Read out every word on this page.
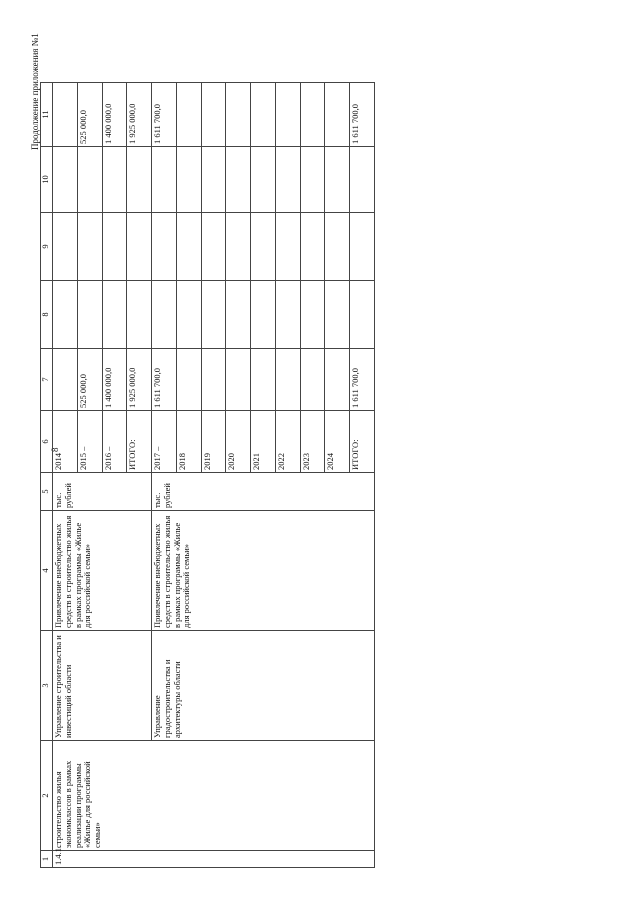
8
Продолжение приложения №1
1	2	3	4	5	6	7	8	9	10	11
1.4.1.	строительство жилья экономклассов в рамках реализации программы «Жилье для российской семьи»	Управление строительства и инвестиций области	Привлечение внебюджетных средств в строительство жилья в рамках программы «Жилье для российской семьи»	тыс. рублей	2014					
					2015 –	525 000,0				525 000,0
					2016 –	1 400 000,0				1 400 000,0
					ИТОГО:	1 925 000,0				1 925 000,0
		Управление градостроительства и архитектуры области	Привлечение внебюджетных средств в строительство жилья в рамках программы «Жилье для российской семьи»	тыс. рублей	2017 –	1 611 700,0				1 611 700,0
					2018					
					2019					
					2020					
					2021					
					2022					
					2023					
					2024					
					ИТОГО:	1 611 700,0				1 611 700,0
